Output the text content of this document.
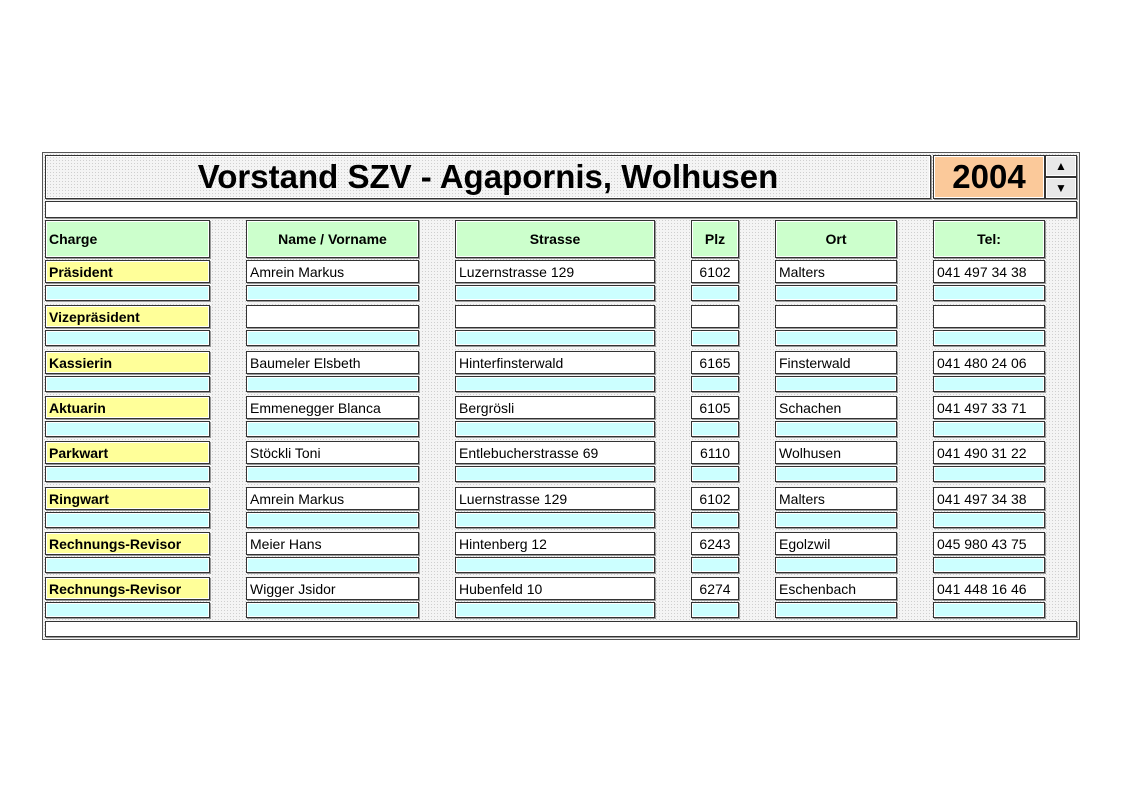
Vorstand SZV - Agapornis, Wolhusen	2004	▲
▼
Charge	Name / Vorname	Strasse	Plz	Ort	Tel:
Präsident	Amrein Markus	Luzernstrasse 129	6102	Malters	041 497 34 38
Vizepräsident
Kassierin	Baumeler Elsbeth	Hinterfinsterwald	6165	Finsterwald	041 480 24 06
Aktuarin	Emmenegger Blanca	Bergrösli	6105	Schachen	041 497 33 71
Parkwart	Stöckli Toni	Entlebucherstrasse 69	6110	Wolhusen	041 490 31 22
Ringwart	Amrein Markus	Luernstrasse 129	6102	Malters	041 497 34 38
Rechnungs-Revisor	Meier Hans	Hintenberg 12	6243	Egolzwil	045 980 43 75
Rechnungs-Revisor	Wigger Jsidor	Hubenfeld 10	6274	Eschenbach	041 448 16 46
